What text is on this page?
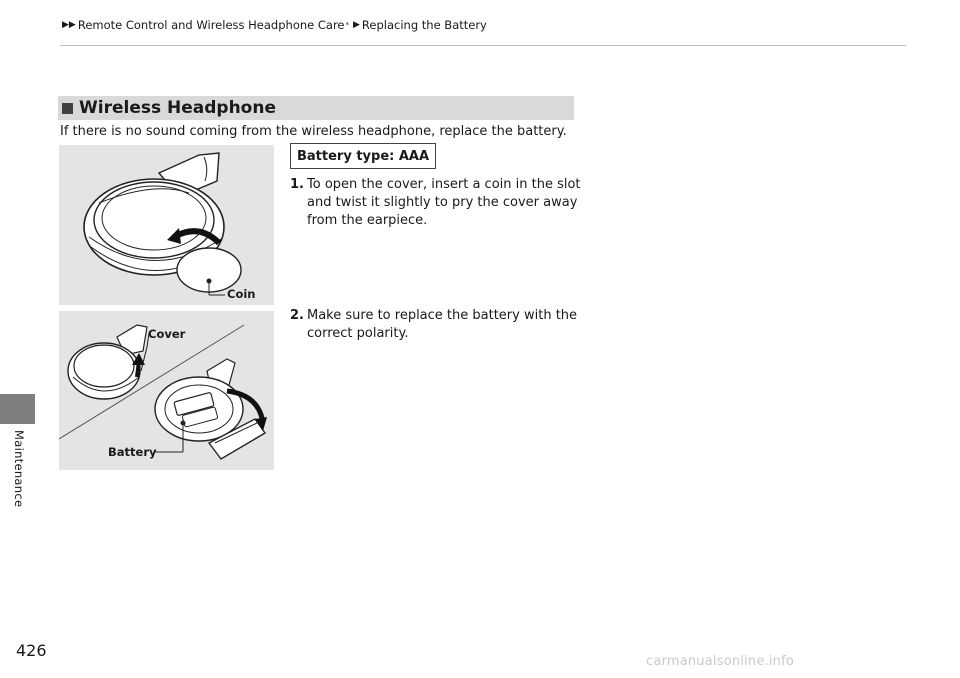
▶▶ Remote Control and Wireless Headphone Care * ▶ Replacing the Battery
Maintenance
Wireless Headphone
If there is no sound coming from the wireless headphone, replace the battery.
Coin
Cover
Battery
Battery type: AAA
1. To open the cover, insert a coin in the slot and twist it slightly to pry the cover away from the earpiece.
2. Make sure to replace the battery with the correct polarity.
426
carmanualsonline.info
